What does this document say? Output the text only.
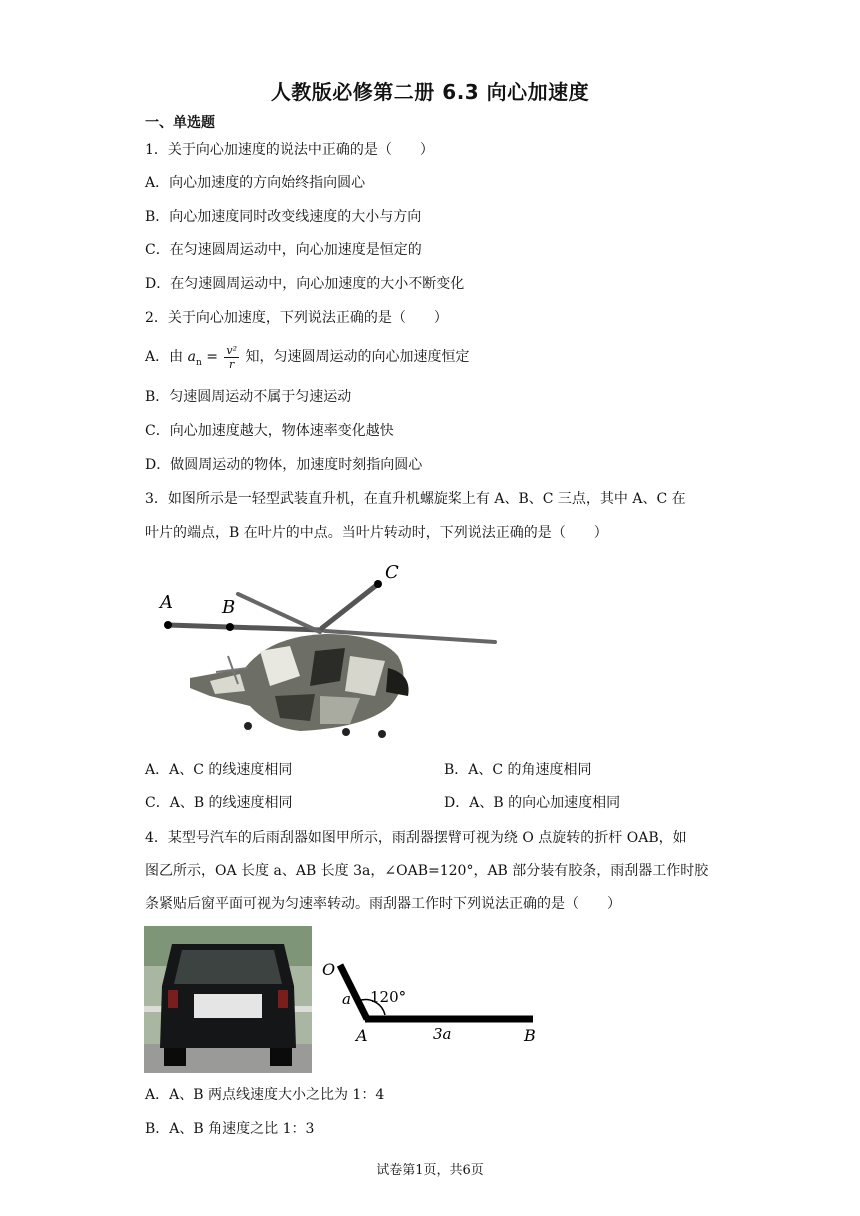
人教版必修第二册 6.3 向心加速度
一、单选题
1．关于向心加速度的说法中正确的是（　　）
A．向心加速度的方向始终指向圆心
B．向心加速度同时改变线速度的大小与方向
C．在匀速圆周运动中，向心加速度是恒定的
D．在匀速圆周运动中，向心加速度的大小不断变化
2．关于向心加速度，下列说法正确的是（　　）
A．由 $a_n = \frac{\text{v²}}{r}$ 知，匀速圆周运动的向心加速度恒定
B．匀速圆周运动不属于匀速运动
C．向心加速度越大，物体速率变化越快
D．做圆周运动的物体，加速度时刻指向圆心
3．如图所示是一轻型武装直升机，在直升机螺旋桨上有 A、B、C 三点，其中 A、C 在
叶片的端点，B 在叶片的中点。当叶片转动时，下列说法正确的是（　　）
A	B
C
A．A、C 的线速度相同	B．A、C 的角速度相同
C．A、B 的线速度相同	D．A、B 的向心加速度相同
4．某型号汽车的后雨刮器如图甲所示，雨刮器摆臂可视为绕 O 点旋转的折杆 OAB，如
图乙所示，OA 长度 a、AB 长度 3a，∠OAB=120°，AB 部分装有胶条，雨刮器工作时胶
条紧贴后窗平面可视为匀速率转动。雨刮器工作时下列说法正确的是（　　）
O
a 120°
A	3a	B
A．A、B 两点线速度大小之比为 1：4
B．A、B 角速度之比 1：3
试卷第1页，共6页
